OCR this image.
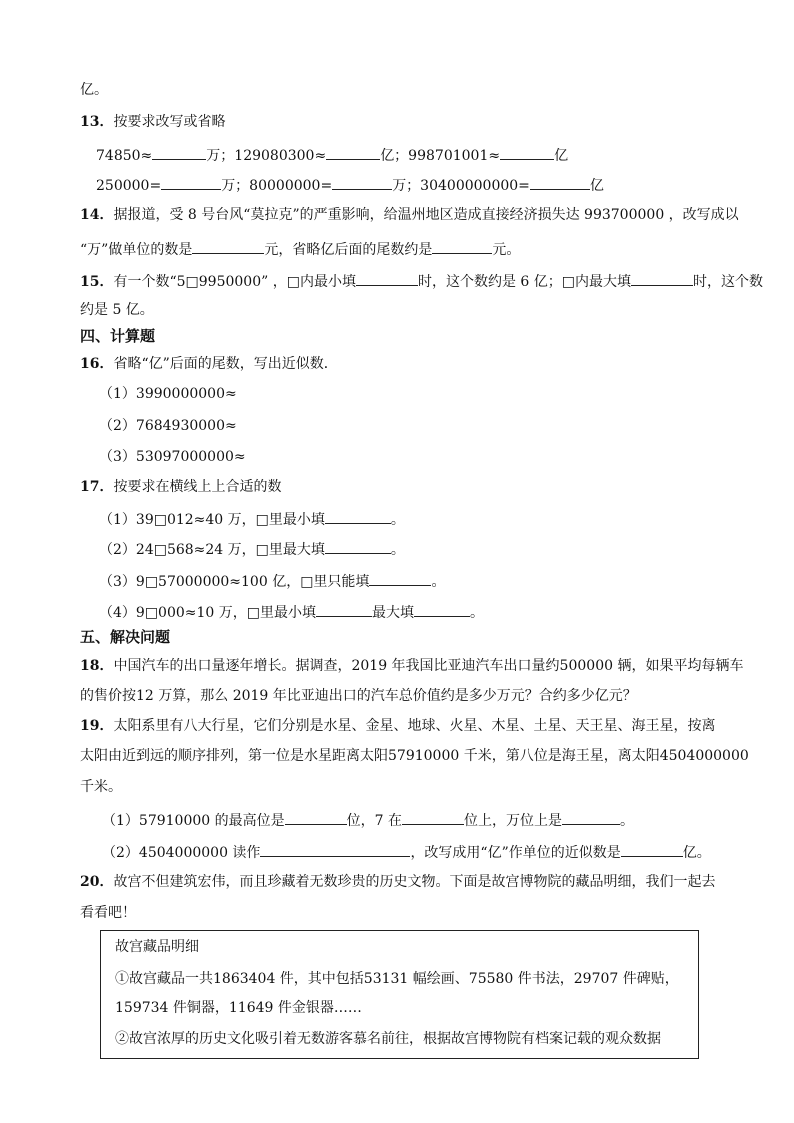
亿。
13．按要求改写或省略
74850≈	万；129080300≈	亿；998701001≈	亿
250000=	万；80000000=	万；30400000000=	亿
14．据报道，受 8 号台风“莫拉克”的严重影响，给温州地区造成直接经济损失达 993700000 ，改写成以
“万”做单位的数是	元，省略亿后面的尾数约是	元。
15．有一个数“5□9950000” ，□内最小填	时，这个数约是 6 亿；□内最大填	时，这个数
约是 5 亿。
四、计算题
16．省略“亿”后面的尾数，写出近似数．
（1）3990000000≈
（2）7684930000≈
（3）53097000000≈
17．按要求在横线上上合适的数
（1）39□012≈40 万，□里最小填	。
（2）24□568≈24 万，□里最大填	。
（3）9□57000000≈100 亿，□里只能填	。
（4）9□000≈10 万，□里最小填	最大填	。
五、解决问题
18．中国汽车的出口量逐年增长。据调查，2019 年我国比亚迪汽车出口量约500000 辆，如果平均每辆车
的售价按12 万算，那么 2019 年比亚迪出口的汽车总价值约是多少万元？合约多少亿元？
19．太阳系里有八大行星，它们分别是水星、金星、地球、火星、木星、土星、天王星、海王星，按离
太阳由近到远的顺序排列，第一位是水星距离太阳57910000 千米，第八位是海王星，离太阳4504000000
千米。
（1）57910000 的最高位是	位，7 在	位上，万位上是	。
（2）4504000000 读作	，改写成用“亿”作单位的近似数是	亿。
20．故宫不但建筑宏伟，而且珍藏着无数珍贵的历史文物。下面是故宫博物院的藏品明细，我们一起去
看看吧！
故宫藏品明细
①故宫藏品一共1863404 件，其中包括53131 幅绘画、75580 件书法，29707 件碑贴，
159734 件铜器，11649 件金银器……
②故宫浓厚的历史文化吸引着无数游客慕名前往，根据故宫博物院有档案记载的观众数据
